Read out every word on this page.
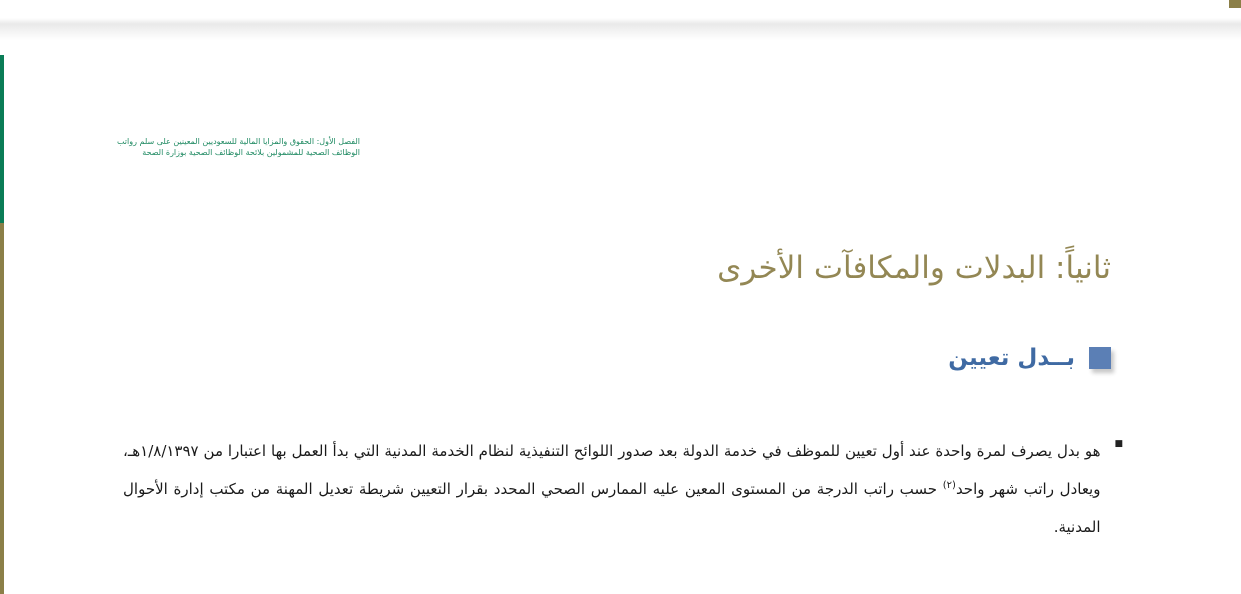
الفصل الأول: الحقوق والمزايا المالية للسعوديين المعينين على سلم رواتب
الوظائف الصحية للمشمولين بلائحة الوظائف الصحية بوزارة الصحة
ثانياً: البدلات والمكافآت الأخرى
بــدل تعيين
■

هو بدل يصرف لمرة واحدة عند أول تعيين للموظف في خدمة الدولة بعد صدور اللوائح التنفيذية لنظام الخدمة المدنية التي بدأ العمل بها اعتبارا من ١/٨/١٣٩٧هـ، ويعادل راتب شهر واحد$^{(٢)}$ حسب راتب الدرجة من المستوى المعين عليه الممارس الصحي المحدد بقرار التعيين شريطة تعديل المهنة من مكتب إدارة الأحوال المدنية.
